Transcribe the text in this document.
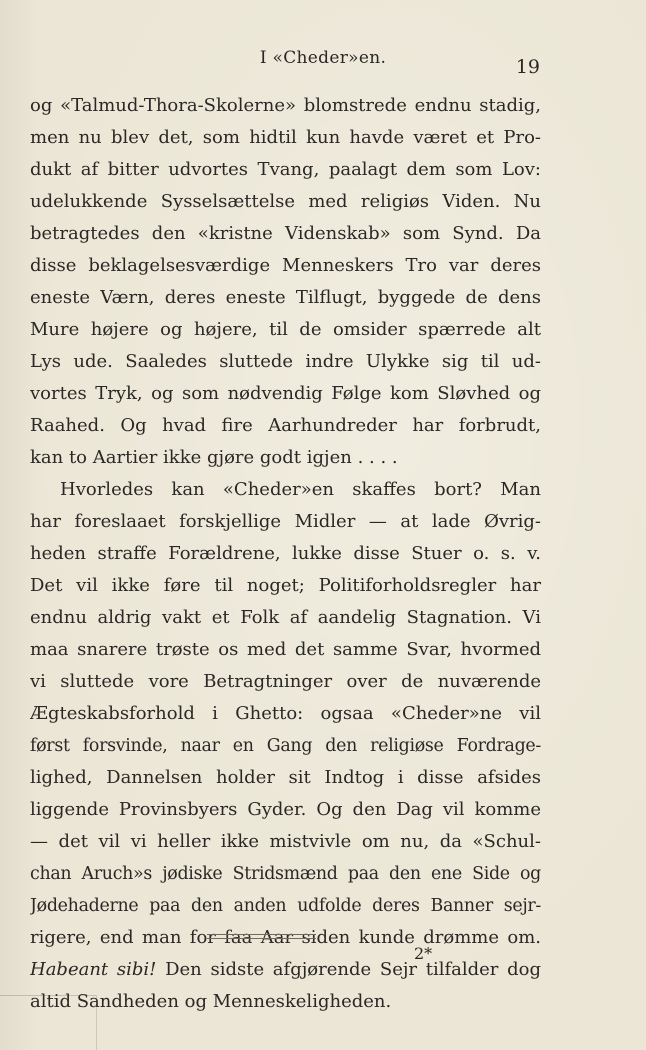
I «Cheder»en.	19
og «Talmud-Thora-Skolerne» blomstrede endnu stadig,
men nu blev det, som hidtil kun havde været et Pro-
dukt af bitter udvortes Tvang, paalagt dem som Lov:
udelukkende Sysselsættelse med religiøs Viden. Nu
betragtedes den «kristne Videnskab» som Synd. Da
disse beklagelsesværdige Menneskers Tro var deres
eneste Værn, deres eneste Tilflugt, byggede de dens
Mure højere og højere, til de omsider spærrede alt
Lys ude. Saaledes sluttede indre Ulykke sig til ud-
vortes Tryk, og som nødvendig Følge kom Sløvhed og
Raahed. Og hvad fire Aarhundreder har forbrudt,
kan to Aartier ikke gjøre godt igjen . . . .
Hvorledes kan «Cheder»en skaffes bort? Man
har foreslaaet forskjellige Midler — at lade Øvrig-
heden straffe Forældrene, lukke disse Stuer o. s. v.
Det vil ikke føre til noget; Politiforholdsregler har
endnu aldrig vakt et Folk af aandelig Stagnation. Vi
maa snarere trøste os med det samme Svar, hvormed
vi sluttede vore Betragtninger over de nuværende
Ægteskabsforhold i Ghetto: ogsaa «Cheder»ne vil
først forsvinde, naar en Gang den religiøse Fordrage-
lighed, Dannelsen holder sit Indtog i disse afsides
liggende Provinsbyers Gyder. Og den Dag vil komme
— det vil vi heller ikke mistvivle om nu, da «Schul-
chan Aruch»s jødiske Stridsmænd paa den ene Side og
Jødehaderne paa den anden udfolde deres Banner sejr-
rigere, end man for faa Aar siden kunde drømme om.
Habeant sibi! Den sidste afgjørende Sejr tilfalder dog
altid Sandheden og Menneskeligheden.
2*
